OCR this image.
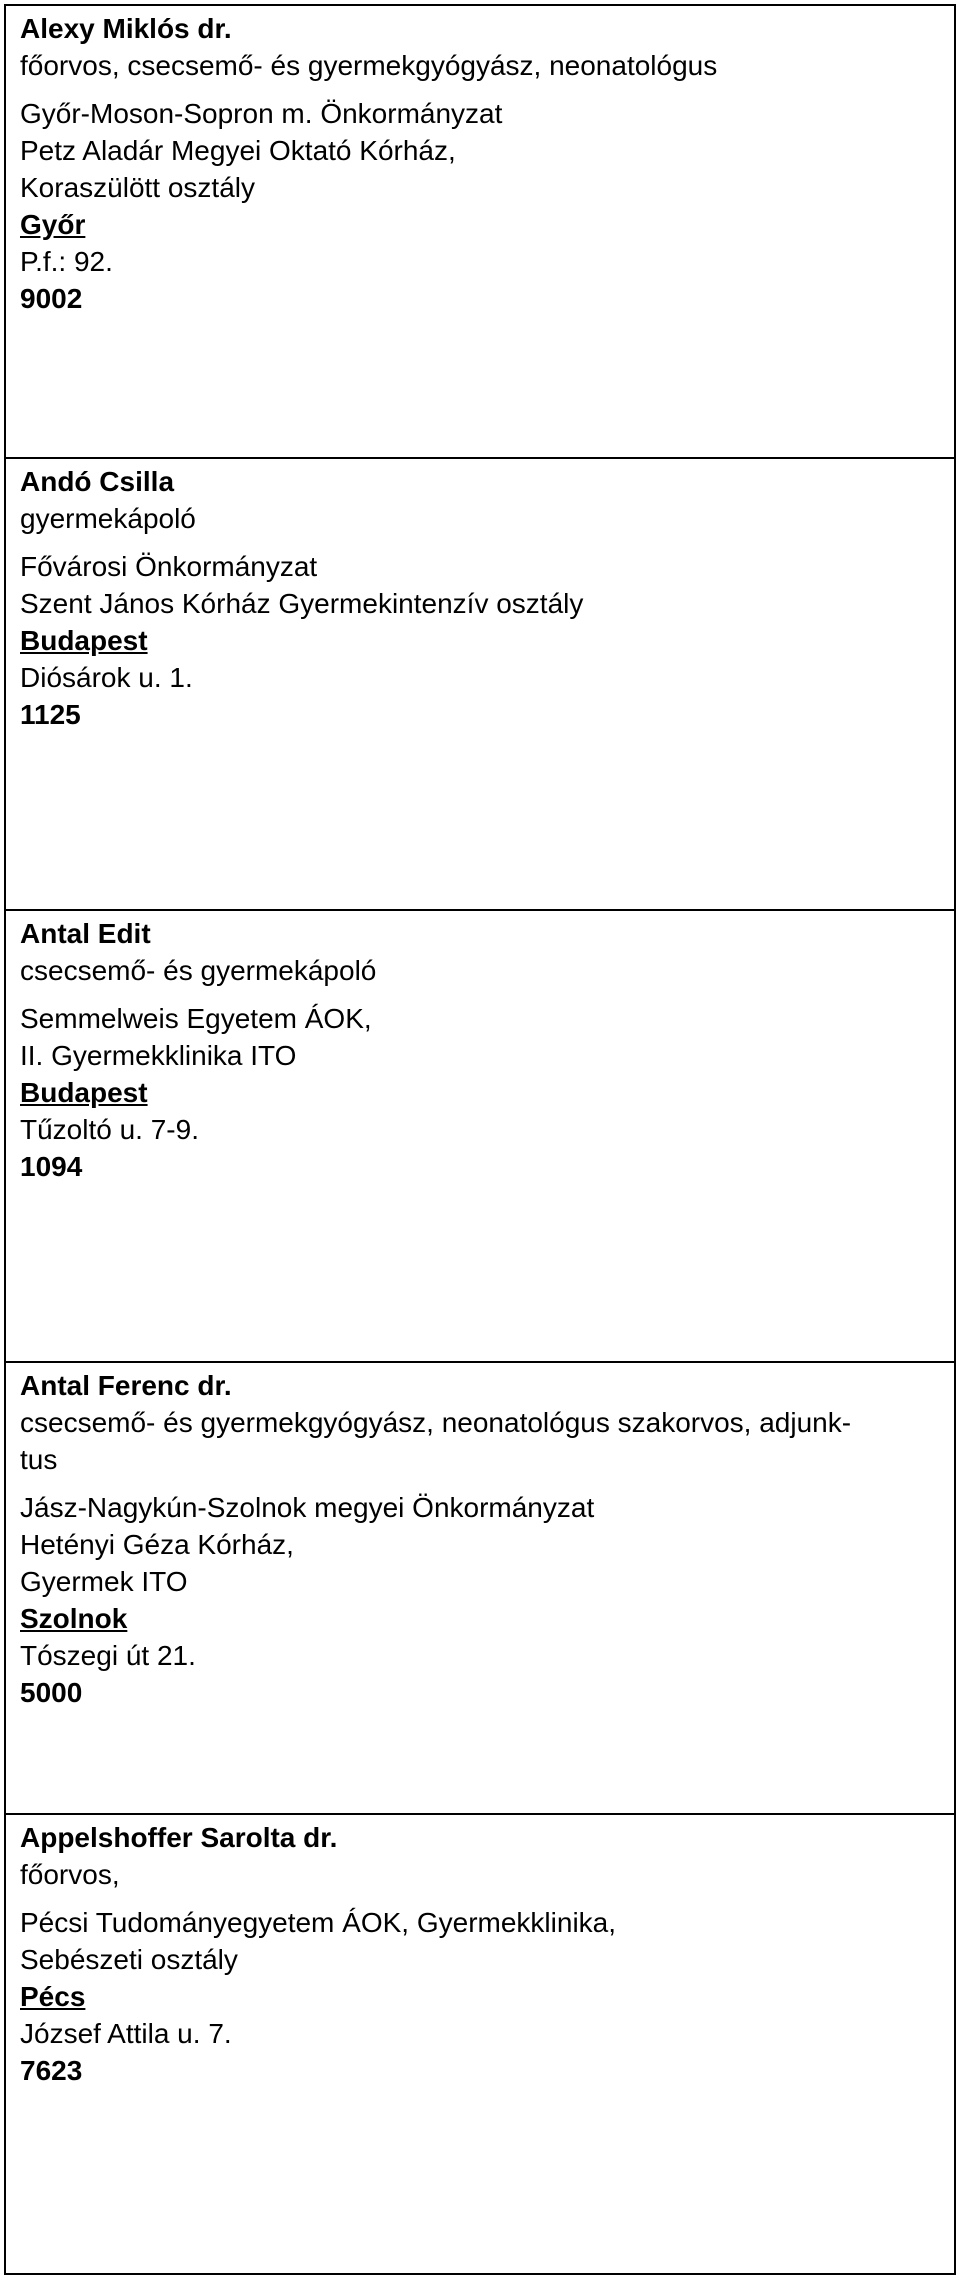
Alexy Miklós dr.
főorvos, csecsemő- és gyermekgyógyász, neonatológus
Győr-Moson-Sopron m. Önkormányzat
Petz Aladár Megyei Oktató Kórház,
Koraszülött osztály
Győr
P.f.: 92.
9002
Andó Csilla
gyermekápoló
Fővárosi Önkormányzat
Szent János Kórház Gyermekintenzív osztály
Budapest
Diósárok u. 1.
1125
Antal Edit
csecsemő- és gyermekápoló
Semmelweis Egyetem ÁOK,
II. Gyermekklinika ITO
Budapest
Tűzoltó u. 7-9.
1094
Antal Ferenc dr.
csecsemő- és gyermekgyógyász, neonatológus szakorvos, adjunk-
tus
Jász-Nagykún-Szolnok megyei Önkormányzat
Hetényi Géza Kórház,
Gyermek ITO
Szolnok
Tószegi út 21.
5000
Appelshoffer Sarolta dr.
főorvos,
Pécsi Tudományegyetem ÁOK, Gyermekklinika,
Sebészeti osztály
Pécs
József Attila u. 7.
7623
